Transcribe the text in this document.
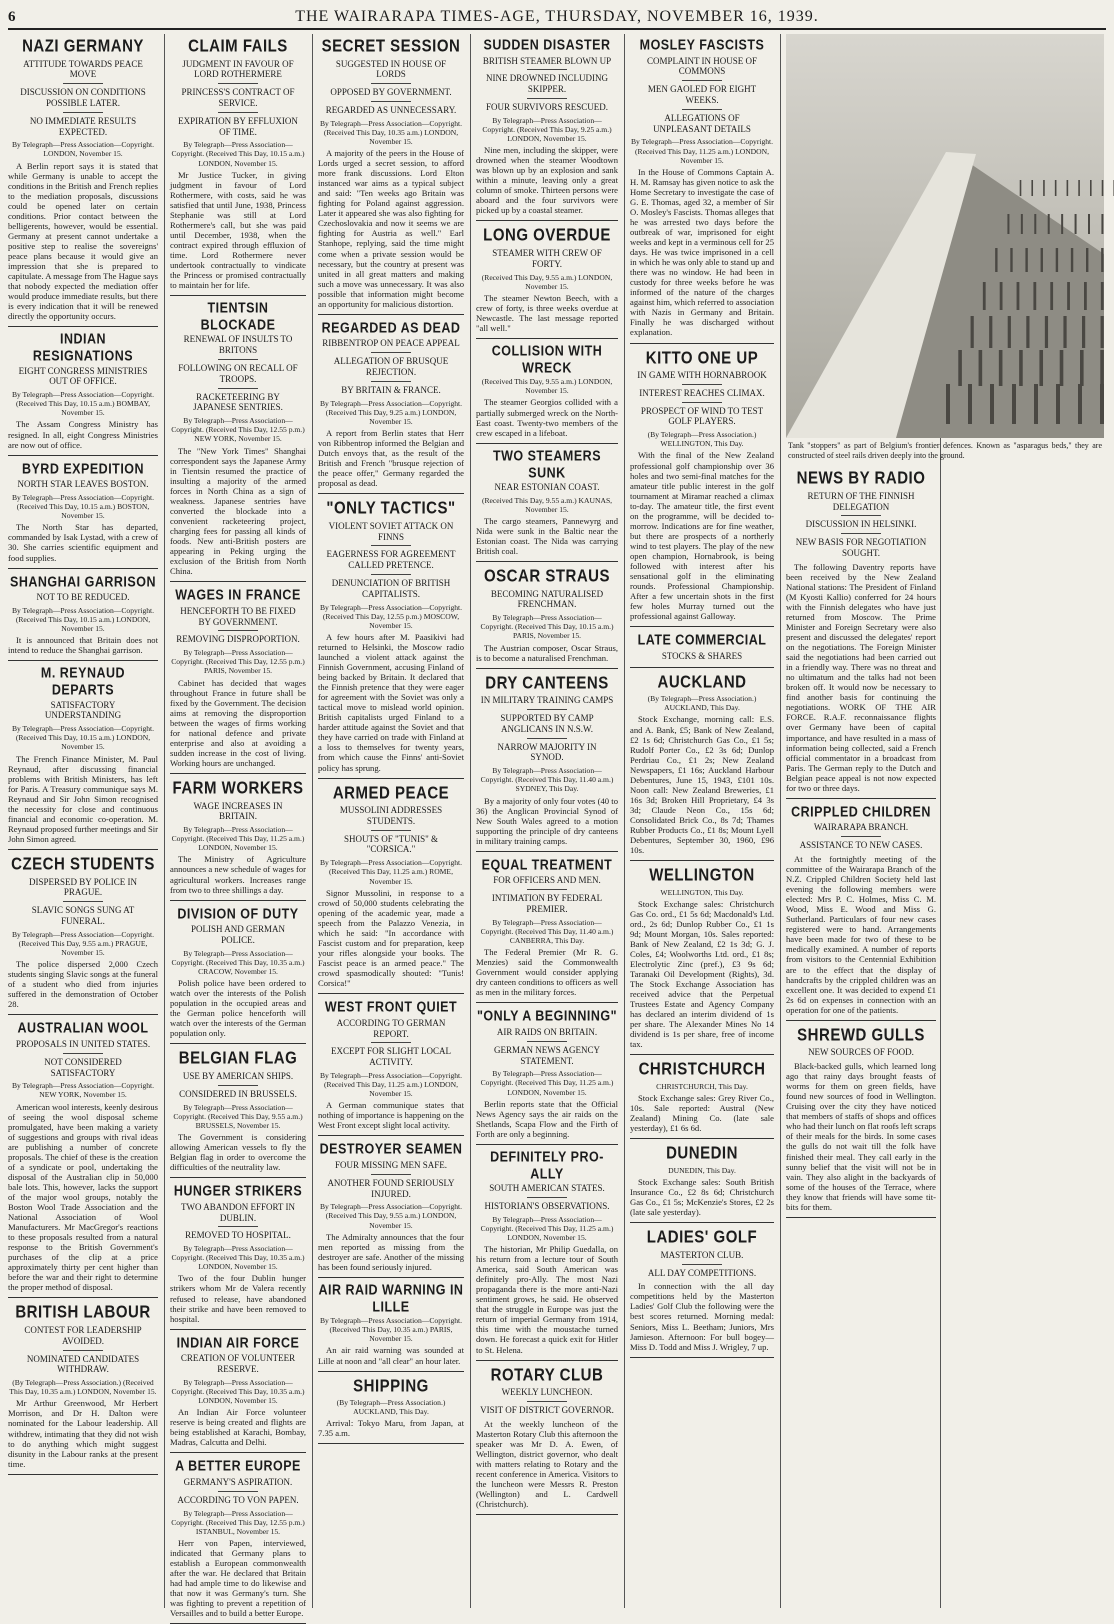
6	THE WAIRARAPA TIMES-AGE, THURSDAY, NOVEMBER 16, 1939.
NAZI GERMANY
ATTITUDE TOWARDS PEACE MOVE
DISCUSSION ON CONDITIONS POSSIBLE LATER.
NO IMMEDIATE RESULTS EXPECTED.
By Telegraph—Press Association—Copyright. LONDON, November 15.

A Berlin report says it is stated that while Germany is unable to accept the conditions in the British and French replies to the mediation proposals, discussions could be opened later on certain conditions. Prior contact between the belligerents, however, would be essential. Germany at present cannot undertake a positive step to realise the sovereigns' peace plans because it would give an impression that she is prepared to capitulate. A message from The Hague says that nobody expected the mediation offer would produce immediate results, but there is every indication that it will be renewed directly the opportunity occurs.

INDIAN RESIGNATIONS
EIGHT CONGRESS MINISTRIES OUT OF OFFICE.
By Telegraph—Press Association—Copyright. (Received This Day, 10.15 a.m.) BOMBAY, November 15.

The Assam Congress Ministry has resigned. In all, eight Congress Ministries are now out of office.

BYRD EXPEDITION
NORTH STAR LEAVES BOSTON.
By Telegraph—Press Association—Copyright. (Received This Day, 10.15 a.m.) BOSTON, November 15.

The North Star has departed, commanded by Isak Lystad, with a crew of 30. She carries scientific equipment and food supplies.

SHANGHAI GARRISON
NOT TO BE REDUCED.
By Telegraph—Press Association—Copyright. (Received This Day, 10.15 a.m.) LONDON, November 15.

It is announced that Britain does not intend to reduce the Shanghai garrison.

M. REYNAUD DEPARTS
SATISFACTORY UNDERSTANDING
By Telegraph—Press Association—Copyright. (Received This Day, 10.15 a.m.) LONDON, November 15.

The French Finance Minister, M. Paul Reynaud, after discussing financial problems with British Ministers, has left for Paris. A Treasury communique says M. Reynaud and Sir John Simon recognised the necessity for close and continuous financial and economic co-operation. M. Reynaud proposed further meetings and Sir John Simon agreed.

CZECH STUDENTS
DISPERSED BY POLICE IN PRAGUE.
SLAVIC SONGS SUNG AT FUNERAL.
By Telegraph—Press Association—Copyright. (Received This Day, 9.55 a.m.) PRAGUE, November 15.

The police dispersed 2,000 Czech students singing Slavic songs at the funeral of a student who died from injuries suffered in the demonstration of October 28.

AUSTRALIAN WOOL
PROPOSALS IN UNITED STATES.
NOT CONSIDERED SATISFACTORY
By Telegraph—Press Association—Copyright. NEW YORK, November 15.

American wool interests, keenly desirous of seeing the wool disposal scheme promulgated, have been making a variety of suggestions and groups with rival ideas are publishing a number of concrete proposals. The chief of these is the creation of a syndicate or pool, undertaking the disposal of the Australian clip in 50,000 bale lots. This, however, lacks the support of the major wool groups, notably the Boston Wool Trade Association and the National Association of Wool Manufacturers. Mr MacGregor's reactions to these proposals resulted from a natural response to the British Government's purchases of the clip at a price approximately thirty per cent higher than before the war and their right to determine the proper method of disposal.

BRITISH LABOUR
CONTEST FOR LEADERSHIP AVOIDED.
NOMINATED CANDIDATES WITHDRAW.
(By Telegraph—Press Association.) (Received This Day, 10.35 a.m.) LONDON, November 15.

Mr Arthur Greenwood, Mr Herbert Morrison, and Dr H. Dalton were nominated for the Labour leadership. All withdrew, intimating that they did not wish to do anything which might suggest disunity in the Labour ranks at the present time.

CLAIM FAILS
JUDGMENT IN FAVOUR OF LORD ROTHERMERE
PRINCESS'S CONTRACT OF SERVICE.
EXPIRATION BY EFFLUXION OF TIME.
By Telegraph—Press Association—Copyright. (Received This Day, 10.15 a.m.) LONDON, November 15.

Mr Justice Tucker, in giving judgment in favour of Lord Rothermere, with costs, said he was satisfied that until June, 1938, Princess Stephanie was still at Lord Rothermere's call, but she was paid until December, 1938, when the contract expired through effluxion of time. Lord Rothermere never undertook contractually to vindicate the Princess or promised contractually to maintain her for life.

TIENTSIN BLOCKADE
RENEWAL OF INSULTS TO BRITONS
FOLLOWING ON RECALL OF TROOPS.
RACKETEERING BY JAPANESE SENTRIES.
By Telegraph—Press Association—Copyright. (Received This Day, 12.55 p.m.) NEW YORK, November 15.

The "New York Times" Shanghai correspondent says the Japanese Army in Tientsin resumed the practice of insulting a majority of the armed forces in North China as a sign of weakness. Japanese sentries have converted the blockade into a convenient racketeering project, charging fees for passing all kinds of foods. New anti-British posters are appearing in Peking urging the exclusion of the British from North China.

WAGES IN FRANCE
HENCEFORTH TO BE FIXED BY GOVERNMENT.
REMOVING DISPROPORTION.
By Telegraph—Press Association—Copyright. (Received This Day, 12.55 p.m.) PARIS, November 15.

Cabinet has decided that wages throughout France in future shall be fixed by the Government. The decision aims at removing the disproportion between the wages of firms working for national defence and private enterprise and also at avoiding a sudden increase in the cost of living. Working hours are unchanged.

FARM WORKERS
WAGE INCREASES IN BRITAIN.
By Telegraph—Press Association—Copyright. (Received This Day, 11.25 a.m.) LONDON, November 15.

The Ministry of Agriculture announces a new schedule of wages for agricultural workers. Increases range from two to three shillings a day.

DIVISION OF DUTY
POLISH AND GERMAN POLICE.
By Telegraph—Press Association—Copyright. (Received This Day, 10.35 a.m.) CRACOW, November 15.

Polish police have been ordered to watch over the interests of the Polish population in the occupied areas and the German police henceforth will watch over the interests of the German population only.

BELGIAN FLAG
USE BY AMERICAN SHIPS.
CONSIDERED IN BRUSSELS.
By Telegraph—Press Association—Copyright. (Received This Day, 9.55 a.m.) BRUSSELS, November 15.

The Government is considering allowing American vessels to fly the Belgian flag in order to overcome the difficulties of the neutrality law.

HUNGER STRIKERS
TWO ABANDON EFFORT IN DUBLIN.
REMOVED TO HOSPITAL.
By Telegraph—Press Association—Copyright. (Received This Day, 10.35 a.m.) LONDON, November 15.

Two of the four Dublin hunger strikers whom Mr de Valera recently refused to release, have abandoned their strike and have been removed to hospital.

INDIAN AIR FORCE
CREATION OF VOLUNTEER RESERVE.
By Telegraph—Press Association—Copyright. (Received This Day, 10.35 a.m.) LONDON, November 15.

An Indian Air Force volunteer reserve is being created and flights are being established at Karachi, Bombay, Madras, Calcutta and Delhi.

A BETTER EUROPE
GERMANY'S ASPIRATION.
ACCORDING TO VON PAPEN.
By Telegraph—Press Association—Copyright. (Received This Day, 12.55 p.m.) ISTANBUL, November 15.

Herr von Papen, interviewed, indicated that Germany plans to establish a European commonwealth after the war. He declared that Britain had had ample time to do likewise and that now it was Germany's turn. She was fighting to prevent a repetition of Versailles and to build a better Europe.

SECRET SESSION
SUGGESTED IN HOUSE OF LORDS
OPPOSED BY GOVERNMENT.
REGARDED AS UNNECESSARY.
By Telegraph—Press Association—Copyright. (Received This Day, 10.35 a.m.) LONDON, November 15.

A majority of the peers in the House of Lords urged a secret session, to afford more frank discussions. Lord Elton instanced war aims as a typical subject and said: "Ten weeks ago Britain was fighting for Poland against aggression. Later it appeared she was also fighting for Czechoslovakia and now it seems we are fighting for Austria as well." Earl Stanhope, replying, said the time might come when a private session would be necessary, but the country at present was united in all great matters and making such a move was unnecessary. It was also possible that information might become an opportunity for malicious distortion.

REGARDED AS DEAD
RIBBENTROP ON PEACE APPEAL
ALLEGATION OF BRUSQUE REJECTION.
BY BRITAIN & FRANCE.
By Telegraph—Press Association—Copyright. (Received This Day, 9.25 a.m.) LONDON, November 15.

A report from Berlin states that Herr von Ribbentrop informed the Belgian and Dutch envoys that, as the result of the British and French "brusque rejection of the peace offer," Germany regarded the proposal as dead.

"ONLY TACTICS"
VIOLENT SOVIET ATTACK ON FINNS
EAGERNESS FOR AGREEMENT CALLED PRETENCE.
DENUNCIATION OF BRITISH CAPITALISTS.
By Telegraph—Press Association—Copyright. (Received This Day, 12.55 p.m.) MOSCOW, November 15.

A few hours after M. Paasikivi had returned to Helsinki, the Moscow radio launched a violent attack against the Finnish Government, accusing Finland of being backed by Britain. It declared that the Finnish pretence that they were eager for agreement with the Soviet was only a tactical move to mislead world opinion. British capitalists urged Finland to a harder attitude against the Soviet and that they have carried on trade with Finland at a loss to themselves for twenty years, from which cause the Finns' anti-Soviet policy has sprung.

ARMED PEACE
MUSSOLINI ADDRESSES STUDENTS.
SHOUTS OF "TUNIS" & "CORSICA."
By Telegraph—Press Association—Copyright. (Received This Day, 11.25 a.m.) ROME, November 15.

Signor Mussolini, in response to a crowd of 50,000 students celebrating the opening of the academic year, made a speech from the Palazzo Venezia, in which he said: "In accordance with Fascist custom and for preparation, keep your rifles alongside your books. The Fascist peace is an armed peace." The crowd spasmodically shouted: "Tunis! Corsica!"

WEST FRONT QUIET
ACCORDING TO GERMAN REPORT.
EXCEPT FOR SLIGHT LOCAL ACTIVITY.
By Telegraph—Press Association—Copyright. (Received This Day, 11.25 a.m.) LONDON, November 15.

A German communique states that nothing of importance is happening on the West Front except slight local activity.

DESTROYER SEAMEN
FOUR MISSING MEN SAFE.
ANOTHER FOUND SERIOUSLY INJURED.
By Telegraph—Press Association—Copyright. (Received This Day, 9.55 a.m.) LONDON, November 15.

The Admiralty announces that the four men reported as missing from the destroyer are safe. Another of the missing has been found seriously injured.

AIR RAID WARNING IN LILLE
By Telegraph—Press Association—Copyright. (Received This Day, 10.35 a.m.) PARIS, November 15.

An air raid warning was sounded at Lille at noon and "all clear" an hour later.

SHIPPING
(By Telegraph—Press Association.) AUCKLAND, This Day.

Arrival: Tokyo Maru, from Japan, at 7.35 a.m.

SUDDEN DISASTER
BRITISH STEAMER BLOWN UP
NINE DROWNED INCLUDING SKIPPER.
FOUR SURVIVORS RESCUED.
By Telegraph—Press Association—Copyright. (Received This Day, 9.25 a.m.) LONDON, November 15.

Nine men, including the skipper, were drowned when the steamer Woodtown was blown up by an explosion and sank within a minute, leaving only a great column of smoke. Thirteen persons were aboard and the four survivors were picked up by a coastal steamer.

LONG OVERDUE
STEAMER WITH CREW OF FORTY.
(Received This Day, 9.55 a.m.) LONDON, November 15.

The steamer Newton Beech, with a crew of forty, is three weeks overdue at Newcastle. The last message reported "all well."

COLLISION WITH WRECK
(Received This Day, 9.55 a.m.) LONDON, November 15.

The steamer Georgios collided with a partially submerged wreck on the North-East coast. Twenty-two members of the crew escaped in a lifeboat.

TWO STEAMERS SUNK
NEAR ESTONIAN COAST.
(Received This Day, 9.55 a.m.) KAUNAS, November 15.

The cargo steamers, Pannewyrg and Nida were sunk in the Baltic near the Estonian coast. The Nida was carrying British coal.

OSCAR STRAUS
BECOMING NATURALISED FRENCHMAN.
By Telegraph—Press Association—Copyright. (Received This Day, 10.15 a.m.) PARIS, November 15.

The Austrian composer, Oscar Straus, is to become a naturalised Frenchman.

DRY CANTEENS
IN MILITARY TRAINING CAMPS
SUPPORTED BY CAMP ANGLICANS IN N.S.W.
NARROW MAJORITY IN SYNOD.
By Telegraph—Press Association—Copyright. (Received This Day, 11.40 a.m.) SYDNEY, This Day.

By a majority of only four votes (40 to 36) the Anglican Provincial Synod of New South Wales agreed to a motion supporting the principle of dry canteens in military training camps.

EQUAL TREATMENT
FOR OFFICERS AND MEN.
INTIMATION BY FEDERAL PREMIER.
By Telegraph—Press Association—Copyright. (Received This Day, 11.40 a.m.) CANBERRA, This Day.

The Federal Premier (Mr R. G. Menzies) said the Commonwealth Government would consider applying dry canteen conditions to officers as well as men in the military forces.

"ONLY A BEGINNING"
AIR RAIDS ON BRITAIN.
GERMAN NEWS AGENCY STATEMENT.
By Telegraph—Press Association—Copyright. (Received This Day, 11.25 a.m.) LONDON, November 15.

Berlin reports state that the Official News Agency says the air raids on the Shetlands, Scapa Flow and the Firth of Forth are only a beginning.

DEFINITELY PRO-ALLY
SOUTH AMERICAN STATES.
HISTORIAN'S OBSERVATIONS.
By Telegraph—Press Association—Copyright. (Received This Day, 11.25 a.m.) LONDON, November 15.

The historian, Mr Philip Guedalla, on his return from a lecture tour of South America, said South American was definitely pro-Ally. The most Nazi propaganda there is the more anti-Nazi sentiment grows, he said. He observed that the struggle in Europe was just the return of imperial Germany from 1914, this time with the moustache turned down. He forecast a quick exit for Hitler to St. Helena.

ROTARY CLUB
WEEKLY LUNCHEON.
VISIT OF DISTRICT GOVERNOR.

At the weekly luncheon of the Masterton Rotary Club this afternoon the speaker was Mr D. A. Ewen, of Wellington, district governor, who dealt with matters relating to Rotary and the recent conference in America. Visitors to the luncheon were Messrs R. Preston (Wellington) and L. Cardwell (Christchurch).

MOSLEY FASCISTS
COMPLAINT IN HOUSE OF COMMONS
MEN GAOLED FOR EIGHT WEEKS.
ALLEGATIONS OF UNPLEASANT DETAILS
By Telegraph—Press Association—Copyright. (Received This Day, 11.25 a.m.) LONDON, November 15.

In the House of Commons Captain A. H. M. Ramsay has given notice to ask the Home Secretary to investigate the case of G. E. Thomas, aged 32, a member of Sir O. Mosley's Fascists. Thomas alleges that he was arrested two days before the outbreak of war, imprisoned for eight weeks and kept in a verminous cell for 25 days. He was twice imprisoned in a cell in which he was only able to stand up and there was no window. He had been in custody for three weeks before he was informed of the nature of the charges against him, which referred to association with Nazis in Germany and Britain. Finally he was discharged without explanation.

KITTO ONE UP
IN GAME WITH HORNABROOK
INTEREST REACHES CLIMAX.
PROSPECT OF WIND TO TEST GOLF PLAYERS.
(By Telegraph—Press Association.) WELLINGTON, This Day.

With the final of the New Zealand professional golf championship over 36 holes and two semi-final matches for the amateur title public interest in the golf tournament at Miramar reached a climax to-day. The amateur title, the first event on the programme, will be decided to-morrow. Indications are for fine weather, but there are prospects of a northerly wind to test players. The play of the new open champion, Hornabrook, is being followed with interest after his sensational golf in the eliminating rounds. Professional Championship. After a few uncertain shots in the first few holes Murray turned out the professional against Galloway.

LATE COMMERCIAL
STOCKS & SHARES
AUCKLAND
(By Telegraph—Press Association.) AUCKLAND, This Day.

Stock Exchange, morning call: E.S. and A. Bank, £5; Bank of New Zealand, £2 1s 6d; Christchurch Gas Co., £1 5s; Rudolf Porter Co., £2 3s 6d; Dunlop Perdriau Co., £1 2s; New Zealand Newspapers, £1 16s; Auckland Harbour Debentures, June 15, 1943, £101 10s. Noon call: New Zealand Breweries, £1 16s 3d; Broken Hill Proprietary, £4 3s 3d; Claude Neon Co., 15s 6d; Consolidated Brick Co., 8s 7d; Thames Rubber Products Co., £1 8s; Mount Lyell Debentures, September 30, 1960, £96 10s.

WELLINGTON
WELLINGTON, This Day.

Stock Exchange sales: Christchurch Gas Co. ord., £1 5s 6d; Macdonald's Ltd. ord., 2s 6d; Dunlop Rubber Co., £1 1s 9d; Mount Morgan, 10s. Sales reported: Bank of New Zealand, £2 1s 3d; G. J. Coles, £4; Woolworths Ltd. ord., £1 8s; Electrolytic Zinc (pref.), £3 9s 6d; Taranaki Oil Development (Rights), 3d. The Stock Exchange Association has received advice that the Perpetual Trustees Estate and Agency Company has declared an interim dividend of 1s per share. The Alexander Mines No 14 dividend is 1s per share, free of income tax.

CHRISTCHURCH
CHRISTCHURCH, This Day.

Stock Exchange sales: Grey River Co., 10s. Sale reported: Austral (New Zealand) Mining Co. (late sale yesterday), £1 6s 6d.

DUNEDIN
DUNEDIN, This Day.

Stock Exchange sales: South British Insurance Co., £2 8s 6d; Christchurch Gas Co., £1 5s; McKenzie's Stores, £2 2s (late sale yesterday).

LADIES' GOLF
MASTERTON CLUB.
ALL DAY COMPETITIONS.

In connection with the all day competitions held by the Masterton Ladies' Golf Club the following were the best scores returned. Morning medal: Seniors, Miss L. Beetham; Juniors, Mrs Jamieson. Afternoon: For bull bogey—Miss D. Todd and Miss J. Wrigley, 7 up.

Tank "stoppers" as part of Belgium's frontier defences. Known as "asparagus beds," they are constructed of steel rails driven deeply into the ground.
NEWS BY RADIO
RETURN OF THE FINNISH DELEGATION
DISCUSSION IN HELSINKI.
NEW BASIS FOR NEGOTIATION SOUGHT.

The following Daventry reports have been received by the New Zealand National stations: The President of Finland (M Kyosti Kallio) conferred for 24 hours with the Finnish delegates who have just returned from Moscow. The Prime Minister and Foreign Secretary were also present and discussed the delegates' report on the negotiations. The Foreign Minister said the negotiations had been carried out in a friendly way. There was no threat and no ultimatum and the talks had not been broken off. It would now be necessary to find another basis for continuing the negotiations. WORK OF THE AIR FORCE. R.A.F. reconnaissance flights over Germany have been of capital importance, and have resulted in a mass of information being collected, said a French official commentator in a broadcast from Paris. The German reply to the Dutch and Belgian peace appeal is not now expected for two or three days.

CRIPPLED CHILDREN
WAIRARAPA BRANCH.
ASSISTANCE TO NEW CASES.

At the fortnightly meeting of the committee of the Wairarapa Branch of the N.Z. Crippled Children Society held last evening the following members were elected: Mrs P. C. Holmes, Miss C. M. Wood, Miss E. Wood and Miss G. Sutherland. Particulars of four new cases registered were to hand. Arrangements have been made for two of these to be medically examined. A number of reports from visitors to the Centennial Exhibition are to the effect that the display of handcrafts by the crippled children was an excellent one. It was decided to expend £1 2s 6d on expenses in connection with an operation for one of the patients.

SHREWD GULLS
NEW SOURCES OF FOOD.

Black-backed gulls, which learned long ago that rainy days brought feasts of worms for them on green fields, have found new sources of food in Wellington. Cruising over the city they have noticed that members of staffs of shops and offices who had their lunch on flat roofs left scraps of their meals for the birds. In some cases the gulls do not wait till the folk have finished their meal. They call early in the sunny belief that the visit will not be in vain. They also alight in the backyards of some of the houses of the Terrace, where they know that friends will have some tit-bits for them.
